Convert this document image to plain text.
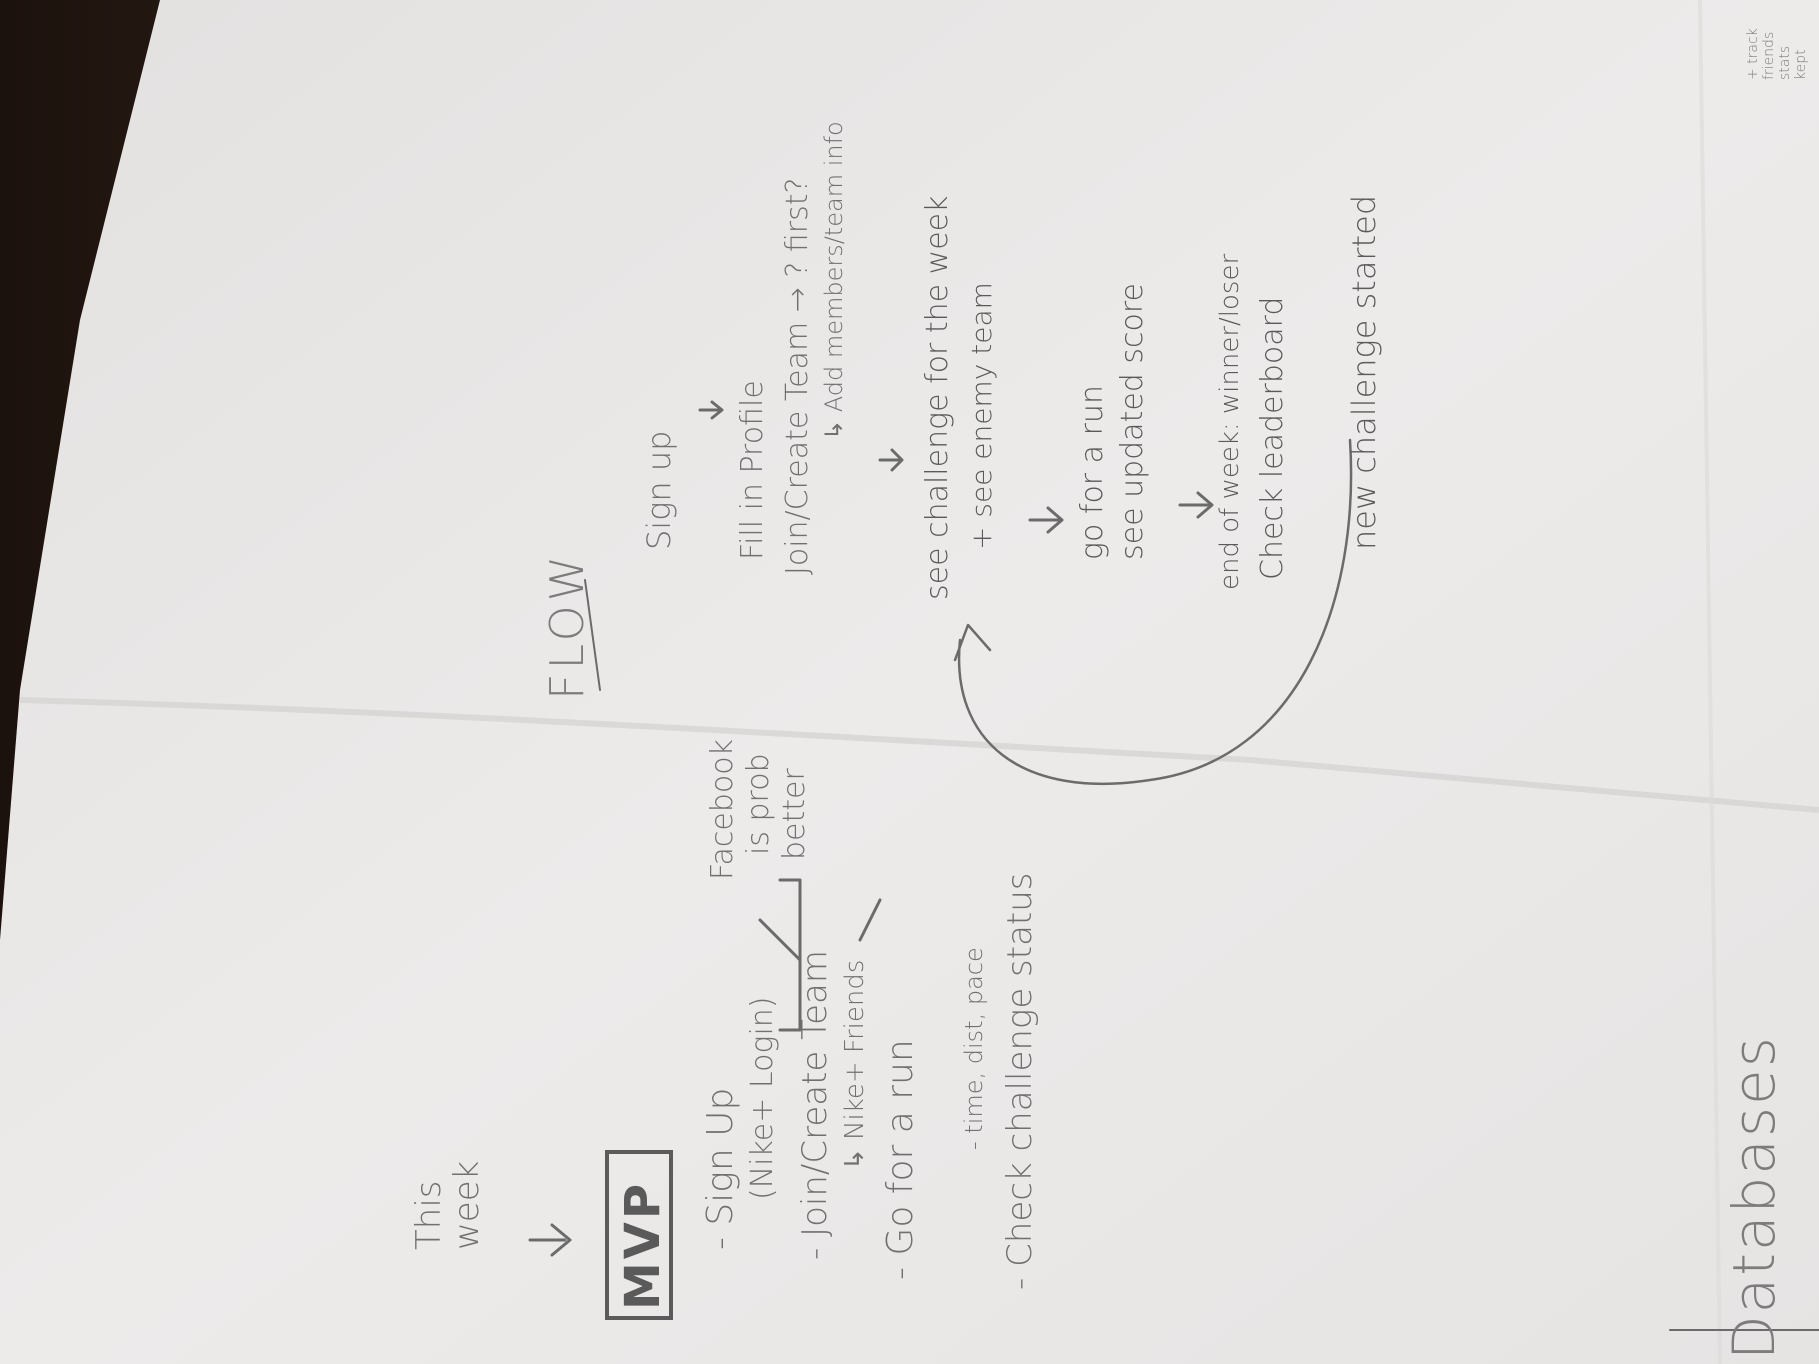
This week	MVP - Sign Up (Nike+ Login) - Join/Create Team ↳ Nike+ Friends - Go for a run - time, dist, pace - Check challenge status
Facebook is prob better
FLOW
Sign up Fill in Profile Join/Create Team → ? first? ↳ Add members/team info see challenge for the week + see enemy team	go for a run see updated score	end of week: winner/loser Check leaderboard new challenge started
Databases
+ track friends stats kept
